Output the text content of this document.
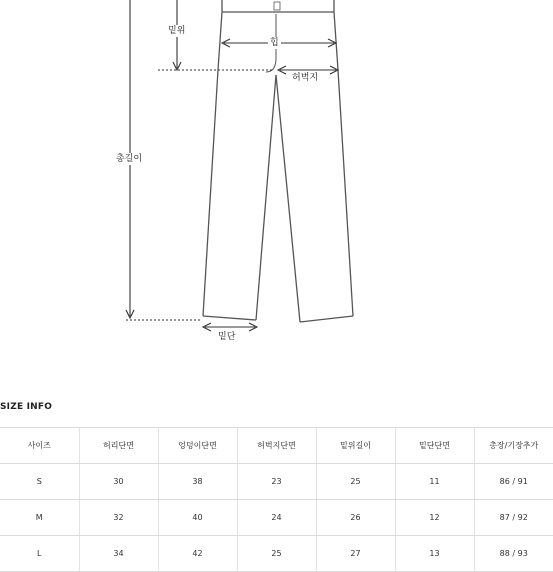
밑위
힙
허벅지
총길이
밑단
SIZE INFO
사이즈	허리단면	엉덩이단면	허벅지단면	밑위길이	밑단단면	총장/기장추가
S	30	38	23	25	11	86 / 91
M	32	40	24	26	12	87 / 92
L	34	42	25	27	13	88 / 93
